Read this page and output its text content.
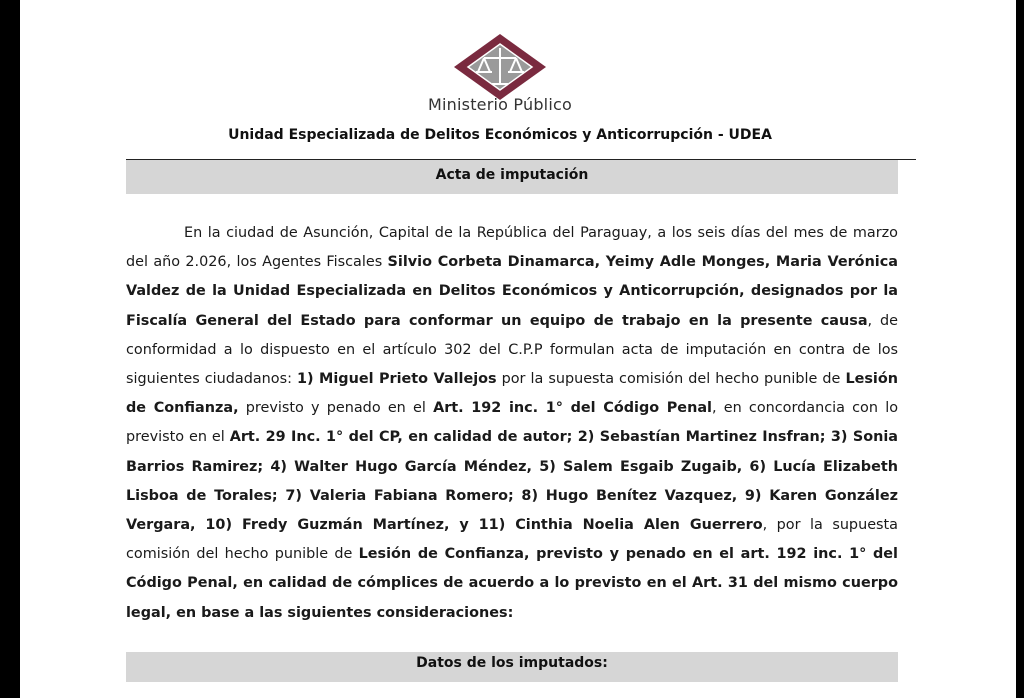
Ministerio Público
Unidad Especializada de Delitos Económicos y Anticorrupción - UDEA
Acta de imputación
En la ciudad de Asunción, Capital de la República del Paraguay, a los seis días del mes de marzo del año 2.026, los Agentes Fiscales Silvio Corbeta Dinamarca, Yeimy Adle Monges, Maria Verónica Valdez de la Unidad Especializada en Delitos Económicos y Anticorrupción, designados por la Fiscalía General del Estado para conformar un equipo de trabajo en la presente causa, de conformidad a lo dispuesto en el artículo 302 del C.P.P formulan acta de imputación en contra de los siguientes ciudadanos: 1) Miguel Prieto Vallejos por la supuesta comisión del hecho punible de Lesión de Confianza, previsto y penado en el Art. 192 inc. 1° del Código Penal, en concordancia con lo previsto en el Art. 29 Inc. 1° del CP, en calidad de autor; 2) Sebastían Martinez Insfran; 3) Sonia Barrios Ramirez; 4) Walter Hugo García Méndez, 5) Salem Esgaib Zugaib, 6) Lucía Elizabeth Lisboa de Torales; 7) Valeria Fabiana Romero; 8) Hugo Benítez Vazquez, 9) Karen González Vergara, 10) Fredy Guzmán Martínez, y 11) Cinthia Noelia Alen Guerrero, por la supuesta comisión del hecho punible de Lesión de Confianza, previsto y penado en el art. 192 inc. 1° del Código Penal, en calidad de cómplices de acuerdo a lo previsto en el Art. 31 del mismo cuerpo legal, en base a las siguientes consideraciones:
Datos de los imputados:
